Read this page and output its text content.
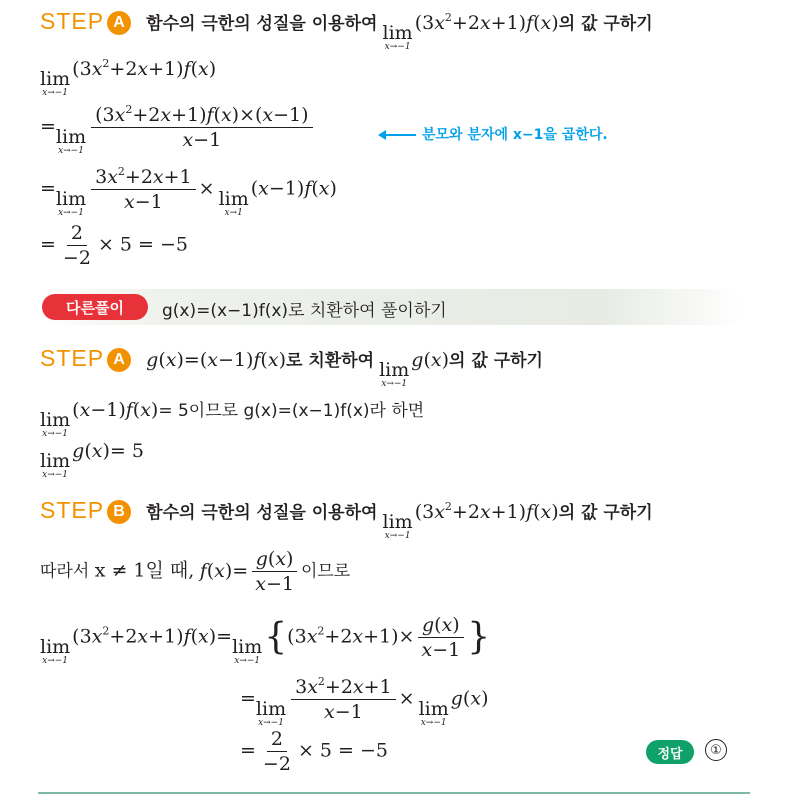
STEP A 함수의 극한의 성질을 이용하여 lim
x→−1
$(3x^2+2x+1)f(x)$의 값 구하기
lim
x→−1
$(3x^2+2x+1)f(x)$
= lim
$x\to-1 \frac{(3x^2+2x+1)f(x)\times(x-1)}{x-1}$	분모와 분자에 x−1을 곱한다.
= lim
$x\to-1 \frac{3x^2+2x+1}{x-1} \times \lim$
x→1
(x−1)f(x)
= $\frac{2}{-2} \times 5 = -5$
다른풀이	g(x)=(x−1)f(x)로 치환하여 풀이하기
STEP A g(x)=(x−1)f(x)로 치환하여 lim
x→−1
g(x)의 값 구하기
lim
x→−1
(x−1)f(x)= 5이므로 g(x)=(x−1)f(x)라 하면
lim
x→−1
g(x)= 5
STEP B 함수의 극한의 성질을 이용하여 lim
x→−1
$(3x^2+2x+1)f(x)$의 값 구하기
따라서 x ≠ 1일 때, $f(x)= \frac{g(x)}{x-1}$ 이므로
lim
x→−1
$(3x^2+2x+1)f(x)= \lim$
x→−1
{$(3x^2+2x+1)\times \frac{g(x)}{x-1}$ }
= lim
$x\to-1 \frac{3x^2+2x+1}{x-1} \times \lim$
x→−1
g(x)
= $\frac{2}{-2} \times 5 = -5$	정답	①
